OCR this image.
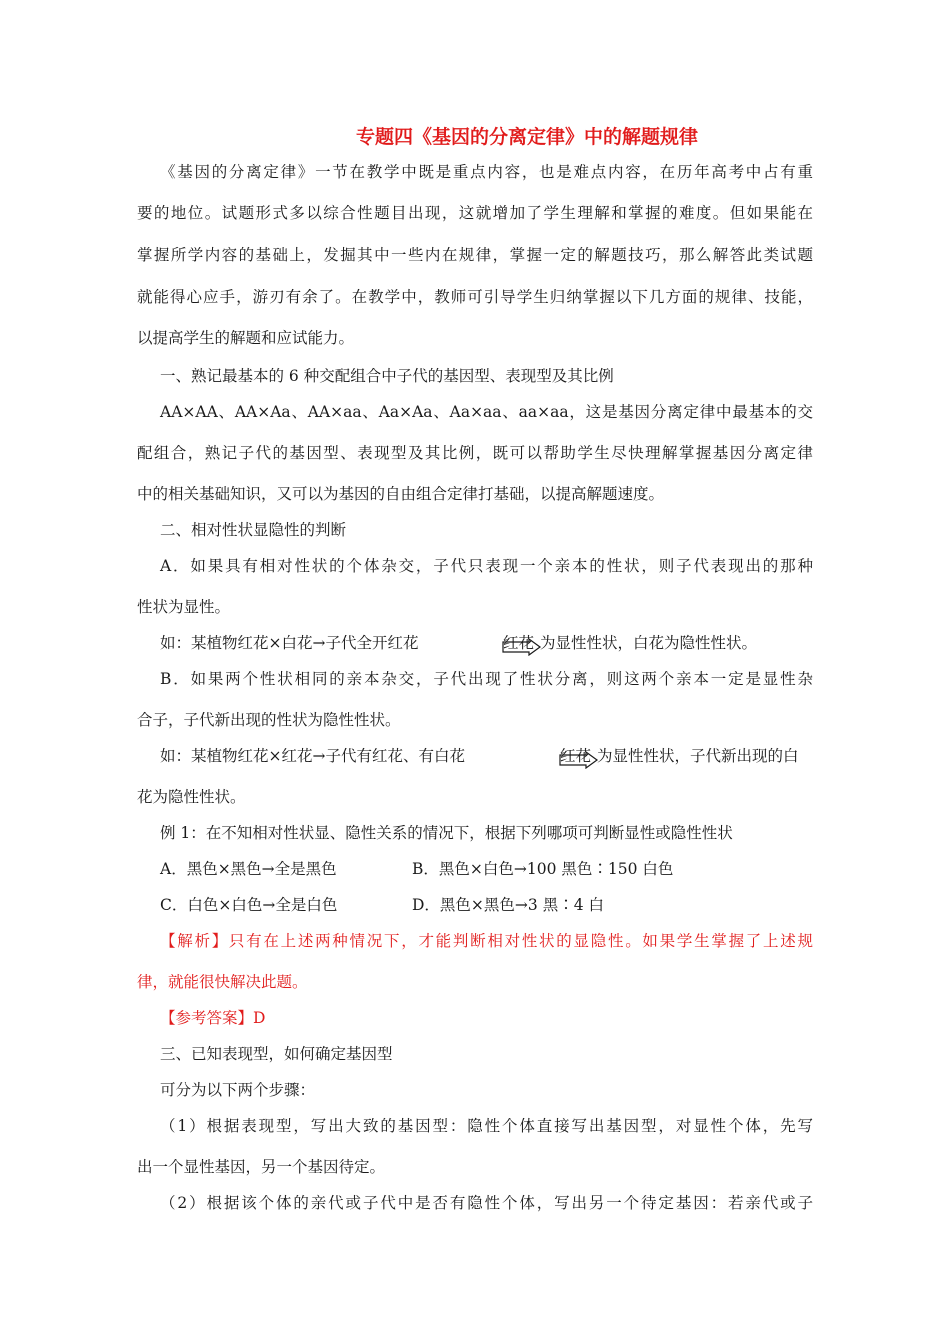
专题四《基因的分离定律》中的解题规律
《基因的分离定律》一节在教学中既是重点内容，也是难点内容，在历年高考中占有重
要的地位。试题形式多以综合性题目出现，这就增加了学生理解和掌握的难度。但如果能在
掌握所学内容的基础上，发掘其中一些内在规律，掌握一定的解题技巧，那么解答此类试题
就能得心应手，游刃有余了。在教学中，教师可引导学生归纳掌握以下几方面的规律、技能，
以提高学生的解题和应试能力。
一、熟记最基本的 6 种交配组合中子代的基因型、表现型及其比例
AA×AA、AA×Aa、AA×aa、Aa×Aa、Aa×aa、aa×aa，这是基因分离定律中最基本的交
配组合，熟记子代的基因型、表现型及其比例，既可以帮助学生尽快理解掌握基因分离定律
中的相关基础知识，又可以为基因的自由组合定律打基础，以提高解题速度。
二、相对性状显隐性的判断
A．如果具有相对性状的个体杂交，子代只表现一个亲本的性状，则子代表现出的那种
性状为显性。
如：某植物红花×白花→子代全开红花	红花 为显性性状，白花为隐性性状。
B．如果两个性状相同的亲本杂交，子代出现了性状分离，则这两个亲本一定是显性杂
合子，子代新出现的性状为隐性性状。
如：某植物红花×红花→子代有红花、有白花	红花 为显性性状，子代新出现的白
花为隐性性状。
例 1：在不知相对性状显、隐性关系的情况下，根据下列哪项可判断显性或隐性性状
A．黑色×黑色→全是黑色	B．黑色×白色→100 黑色∶150 白色
C．白色×白色→全是白色	D．黑色×黑色→3 黑∶4 白
【解析】只有在上述两种情况下，才能判断相对性状的显隐性。如果学生掌握了上述规
律，就能很快解决此题。
【参考答案】D
三、已知表现型，如何确定基因型
可分为以下两个步骤：
（1）根据表现型，写出大致的基因型：隐性个体直接写出基因型，对显性个体，先写
出一个显性基因，另一个基因待定。
（2）根据该个体的亲代或子代中是否有隐性个体，写出另一个待定基因：若亲代或子
